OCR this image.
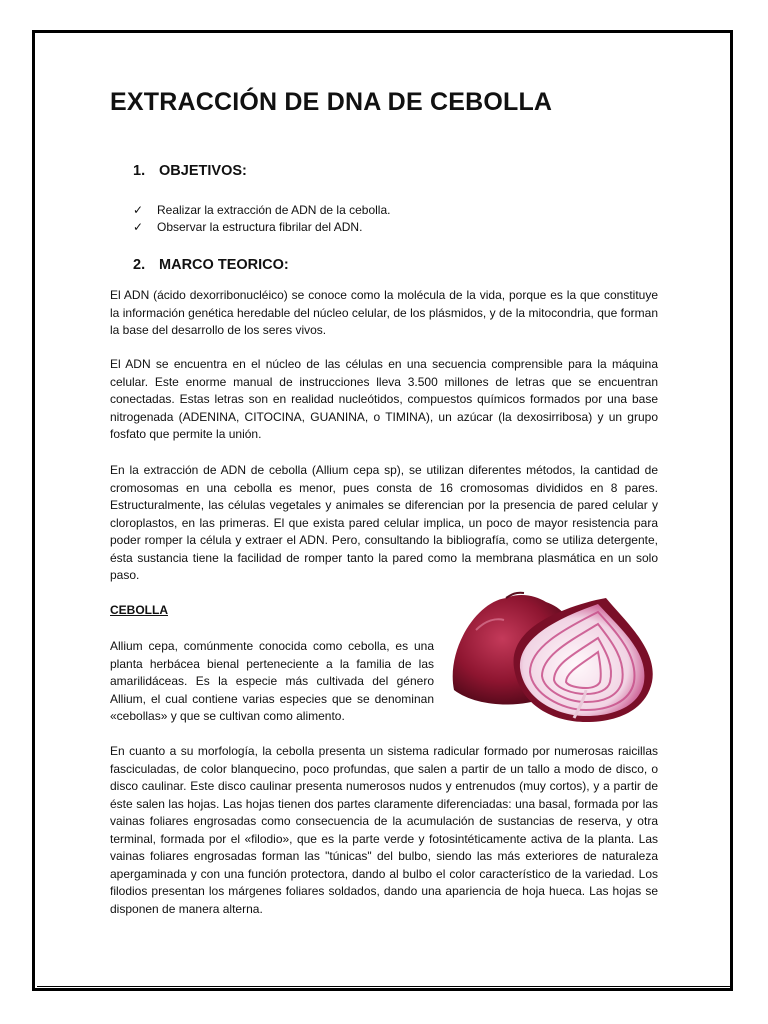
EXTRACCIÓN DE DNA DE CEBOLLA
1. OBJETIVOS:
✓	Realizar la extracción de ADN de la cebolla.
✓	Observar la estructura fibrilar del ADN.
2. MARCO TEORICO:

El ADN (ácido dexorribonucléico) se conoce como la molécula de la vida, porque es la que constituye la información genética heredable del núcleo celular, de los plásmidos, y de la mitocondria, que forman la base del desarrollo de los seres vivos.

El ADN se encuentra en el núcleo de las células en una secuencia comprensible para la máquina celular. Este enorme manual de instrucciones lleva 3.500 millones de letras que se encuentran conectadas. Estas letras son en realidad nucleótidos, compuestos químicos formados por una base nitrogenada (ADENINA, CITOCINA, GUANINA, o TIMINA), un azúcar (la dexosirribosa) y un grupo fosfato que permite la unión.

En la extracción de ADN de cebolla (Allium cepa sp), se utilizan diferentes métodos, la cantidad de cromosomas en una cebolla es menor, pues consta de 16 cromosomas divididos en 8 pares. Estructuralmente, las células vegetales y animales se diferencian por la presencia de pared celular y cloroplastos, en las primeras. El que exista pared celular implica, un poco de mayor resistencia para poder romper la célula y extraer el ADN. Pero, consultando la bibliografía, como se utiliza detergente, ésta sustancia tiene la facilidad de romper tanto la pared como la membrana plasmática en un solo paso.

CEBOLLA

Allium cepa, comúnmente conocida como cebolla, es una planta herbácea bienal perteneciente a la familia de las amarilidáceas. Es la especie más cultivada del género Allium, el cual contiene varias especies que se denominan «cebollas» y que se cultivan como alimento.

En cuanto a su morfología, la cebolla presenta un sistema radicular formado por numerosas raicillas fasciculadas, de color blanquecino, poco profundas, que salen a partir de un tallo a modo de disco, o disco caulinar. Este disco caulinar presenta numerosos nudos y entrenudos (muy cortos), y a partir de éste salen las hojas. Las hojas tienen dos partes claramente diferenciadas: una basal, formada por las vainas foliares engrosadas como consecuencia de la acumulación de sustancias de reserva, y otra terminal, formada por el «filodio», que es la parte verde y fotosintéticamente activa de la planta. Las vainas foliares engrosadas forman las "túnicas" del bulbo, siendo las más exteriores de naturaleza apergaminada y con una función protectora, dando al bulbo el color característico de la variedad. Los filodios presentan los márgenes foliares soldados, dando una apariencia de hoja hueca. Las hojas se disponen de manera alterna.
